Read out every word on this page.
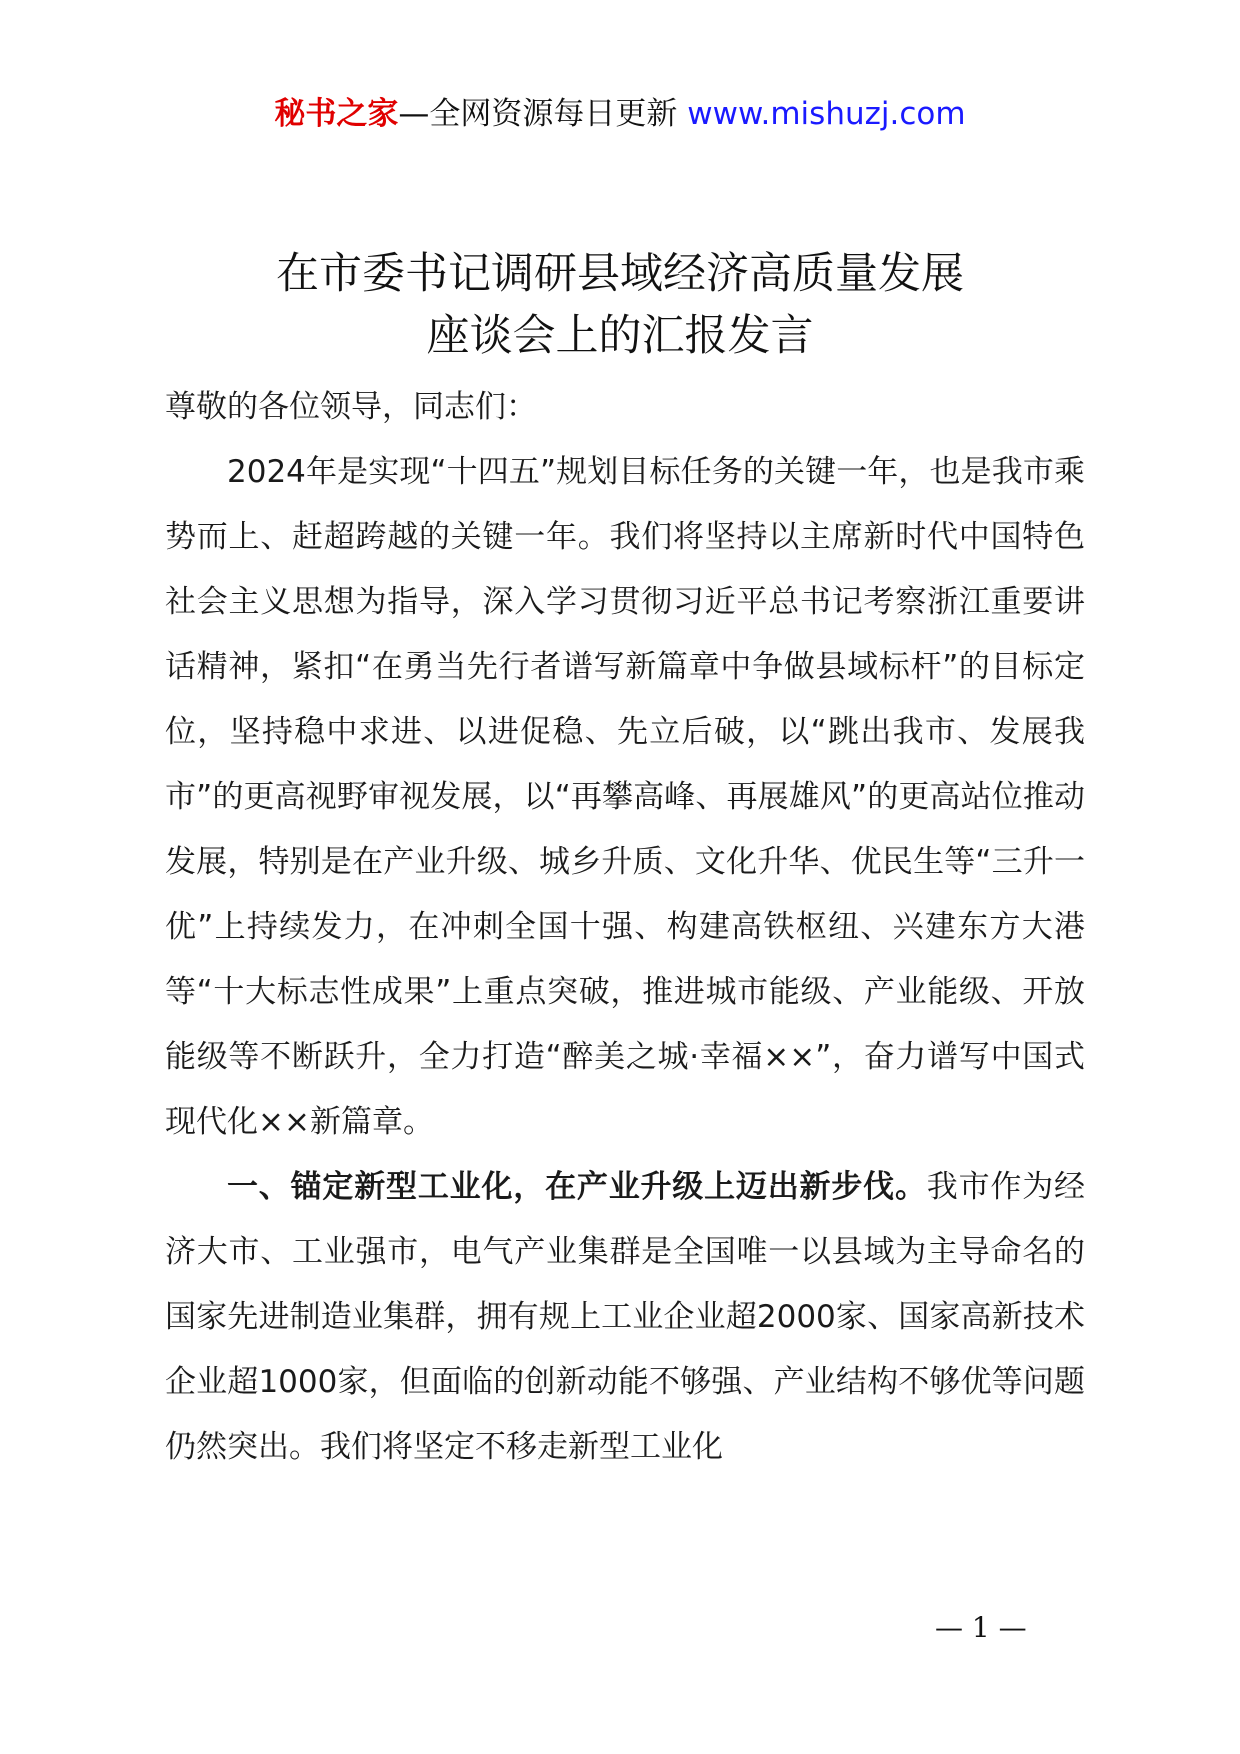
秘书之家—全网资源每日更新 www.mishuzj.com
在市委书记调研县域经济高质量发展
座谈会上的汇报发言

尊敬的各位领导，同志们：

2024年是实现“十四五”规划目标任务的关键一年，也是我市乘势而上、赶超跨越的关键一年。我们将坚持以主席新时代中国特色社会主义思想为指导，深入学习贯彻习近平总书记考察浙江重要讲话精神，紧扣“在勇当先行者谱写新篇章中争做县域标杆”的目标定位，坚持稳中求进、以进促稳、先立后破，以“跳出我市、发展我市”的更高视野审视发展，以“再攀高峰、再展雄风”的更高站位推动发展，特别是在产业升级、城乡升质、文化升华、优民生等“三升一优”上持续发力，在冲刺全国十强、构建高铁枢纽、兴建东方大港等“十大标志性成果”上重点突破，推进城市能级、产业能级、开放能级等不断跃升，全力打造“醉美之城·幸福××”，奋力谱写中国式现代化××新篇章。

一、锚定新型工业化，在产业升级上迈出新步伐。我市作为经济大市、工业强市，电气产业集群是全国唯一以县域为主导命名的国家先进制造业集群，拥有规上工业企业超2000家、国家高新技术企业超1000家，但面临的创新动能不够强、产业结构不够优等问题仍然突出。我们将坚定不移走新型工业化

— 1 —
